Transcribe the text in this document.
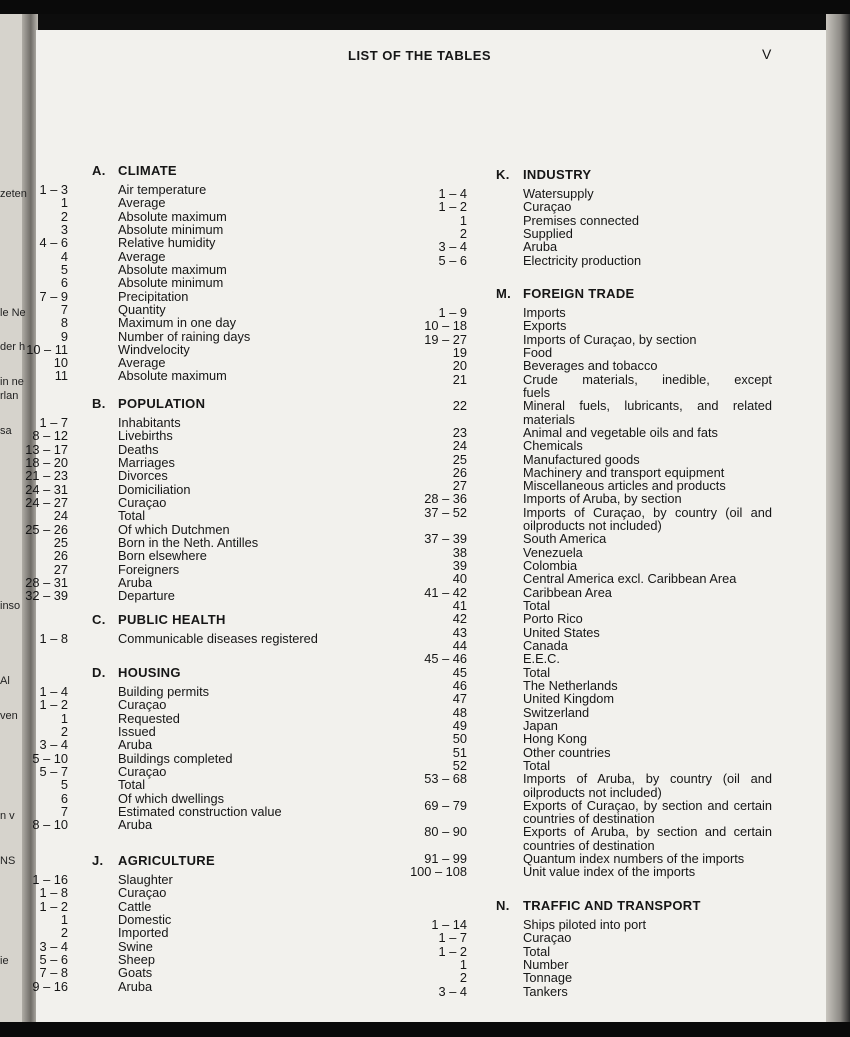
zeten
le Ne
der h
in ne
rlan
sa
inso
Al
ven
n v
NS
ie
LIST OF THE TABLES	V
A. CLIMATE
1 – 3	Air temperature
1	Average
2	Absolute maximum
3	Absolute minimum
4 – 6	Relative humidity
4	Average
5	Absolute maximum
6	Absolute minimum
7 – 9	Precipitation
7	Quantity
8	Maximum in one day
9	Number of raining days
10 – 11	Windvelocity
10	Average
11	Absolute maximum
B. POPULATION
1 – 7	Inhabitants
8 – 12	Livebirths
13 – 17	Deaths
18 – 20	Marriages
21 – 23	Divorces
24 – 31	Domiciliation
24 – 27	Curaçao
24	Total
25 – 26	Of which Dutchmen
25	Born in the Neth. Antilles
26	Born elsewhere
27	Foreigners
28 – 31	Aruba
32 – 39	Departure
C. PUBLIC HEALTH
1 – 8	Communicable diseases registered
D. HOUSING
1 – 4	Building permits
1 – 2	Curaçao
1	Requested
2	Issued
3 – 4	Aruba
5 – 10	Buildings completed
5 – 7	Curaçao
5	Total
6	Of which dwellings
7	Estimated construction value
8 – 10	Aruba
J. AGRICULTURE
1 – 16	Slaughter
1 – 8	Curaçao
1 – 2	Cattle
1	Domestic
2	Imported
3 – 4	Swine
5 – 6	Sheep
7 – 8	Goats
9 – 16	Aruba
K. INDUSTRY
1 – 4	Watersupply
1 – 2	Curaçao
1	Premises connected
2	Supplied
3 – 4	Aruba
5 – 6	Electricity production
M. FOREIGN TRADE
1 – 9	Imports
10 – 18	Exports
19 – 27	Imports of Curaçao, by section
19	Food
20	Beverages and tobacco
21	Crude materials, inedible, except
fuels
22	Mineral fuels, lubricants, and related
materials
23	Animal and vegetable oils and fats
24	Chemicals
25	Manufactured goods
26	Machinery and transport equipment
27	Miscellaneous articles and products
28 – 36	Imports of Aruba, by section
37 – 52	Imports of Curaçao, by country (oil and
oilproducts not included)
37 – 39	South America
38	Venezuela
39	Colombia
40	Central America excl. Caribbean Area
41 – 42	Caribbean Area
41	Total
42	Porto Rico
43	United States
44	Canada
45 – 46	E.E.C.
45	Total
46	The Netherlands
47	United Kingdom
48	Switzerland
49	Japan
50	Hong Kong
51	Other countries
52	Total
53 – 68	Imports of Aruba, by country (oil and
oilproducts not included)
69 – 79	Exports of Curaçao, by section and certain
countries of destination
80 – 90	Exports of Aruba, by section and certain
countries of destination
91 – 99	Quantum index numbers of the imports
100 – 108	Unit value index of the imports
N. TRAFFIC AND TRANSPORT
1 – 14	Ships piloted into port
1 – 7	Curaçao
1 – 2	Total
1	Number
2	Tonnage
3 – 4	Tankers
